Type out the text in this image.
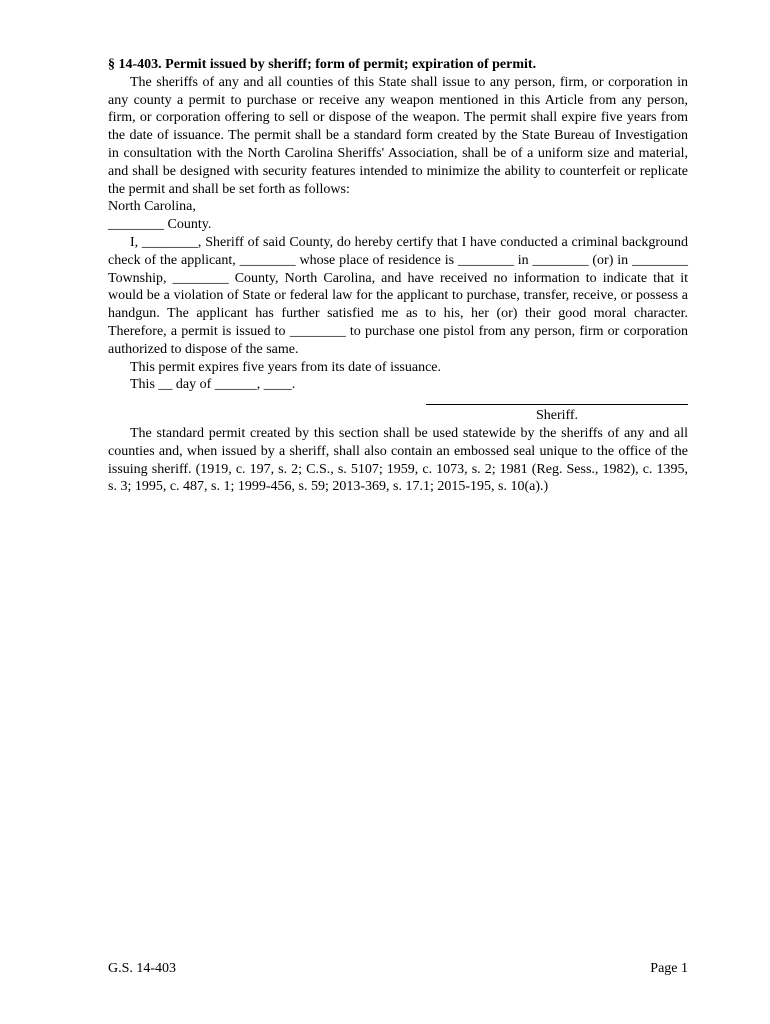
§ 14-403. Permit issued by sheriff; form of permit; expiration of permit.

The sheriffs of any and all counties of this State shall issue to any person, firm, or corporation in any county a permit to purchase or receive any weapon mentioned in this Article from any person, firm, or corporation offering to sell or dispose of the weapon. The permit shall expire five years from the date of issuance. The permit shall be a standard form created by the State Bureau of Investigation in consultation with the North Carolina Sheriffs' Association, shall be of a uniform size and material, and shall be designed with security features intended to minimize the ability to counterfeit or replicate the permit and shall be set forth as follows:

North Carolina,

________ County.

I, ________, Sheriff of said County, do hereby certify that I have conducted a criminal background check of the applicant, ________ whose place of residence is ________ in ________ (or) in ________ Township, ________ County, North Carolina, and have received no information to indicate that it would be a violation of State or federal law for the applicant to purchase, transfer, receive, or possess a handgun. The applicant has further satisfied me as to his, her (or) their good moral character. Therefore, a permit is issued to ________ to purchase one pistol from any person, firm or corporation authorized to dispose of the same.

This permit expires five years from its date of issuance.

This __ day of ______, ____.

Sheriff.

The standard permit created by this section shall be used statewide by the sheriffs of any and all counties and, when issued by a sheriff, shall also contain an embossed seal unique to the office of the issuing sheriff. (1919, c. 197, s. 2; C.S., s. 5107; 1959, c. 1073, s. 2; 1981 (Reg. Sess., 1982), c. 1395, s. 3; 1995, c. 487, s. 1; 1999-456, s. 59; 2013-369, s. 17.1; 2015-195, s. 10(a).)

G.S. 14-403	Page 1
